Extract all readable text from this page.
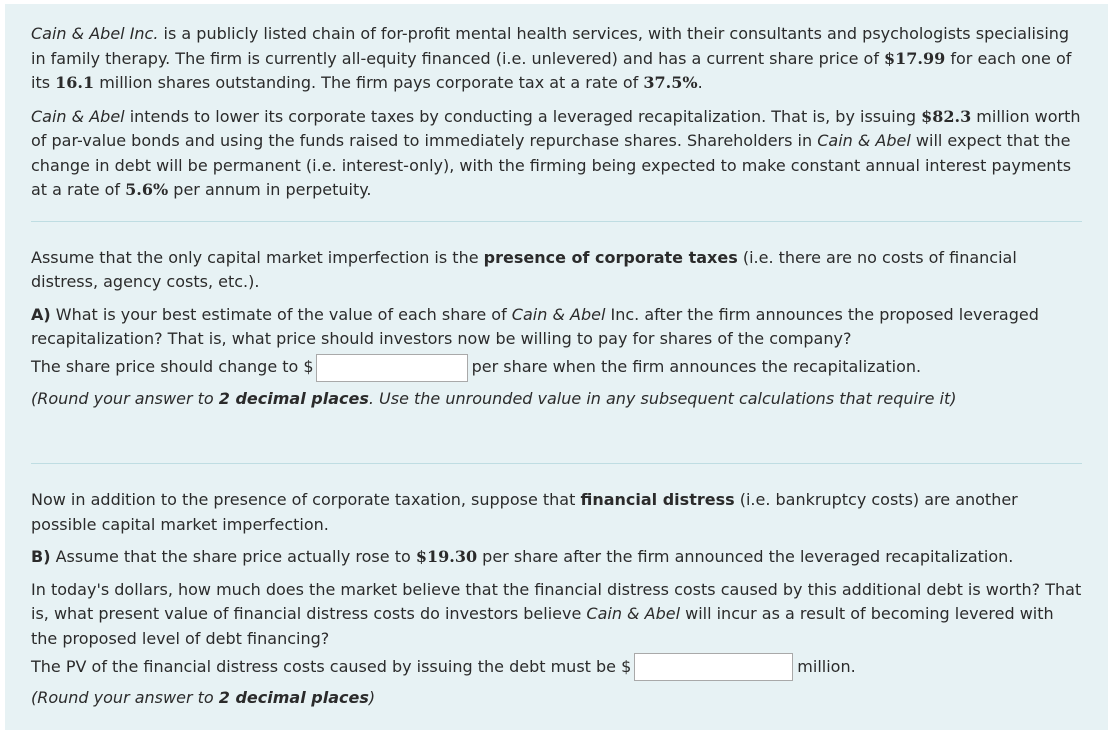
Cain & Abel Inc. is a publicly listed chain of for-profit mental health services, with their consultants and psychologists specialising in family therapy. The firm is currently all-equity financed (i.e. unlevered) and has a current share price of $17.99 for each one of its 16.1 million shares outstanding. The firm pays corporate tax at a rate of 37.5%.

Cain & Abel intends to lower its corporate taxes by conducting a leveraged recapitalization. That is, by issuing $82.3 million worth of par-value bonds and using the funds raised to immediately repurchase shares. Shareholders in Cain & Abel will expect that the change in debt will be permanent (i.e. interest-only), with the firming being expected to make constant annual interest payments at a rate of 5.6% per annum in perpetuity.

Assume that the only capital market imperfection is the presence of corporate taxes (i.e. there are no costs of financial distress, agency costs, etc.).

A) What is your best estimate of the value of each share of Cain & Abel Inc. after the firm announces the proposed leveraged recapitalization? That is, what price should investors now be willing to pay for shares of the company?

The share price should change to $	per share when the firm announces the recapitalization.

(Round your answer to 2 decimal places. Use the unrounded value in any subsequent calculations that require it)

Now in addition to the presence of corporate taxation, suppose that financial distress (i.e. bankruptcy costs) are another possible capital market imperfection.

B) Assume that the share price actually rose to $19.30 per share after the firm announced the leveraged recapitalization.

In today's dollars, how much does the market believe that the financial distress costs caused by this additional debt is worth? That is, what present value of financial distress costs do investors believe Cain & Abel will incur as a result of becoming levered with the proposed level of debt financing?

The PV of the financial distress costs caused by issuing the debt must be $	million.

(Round your answer to 2 decimal places)
